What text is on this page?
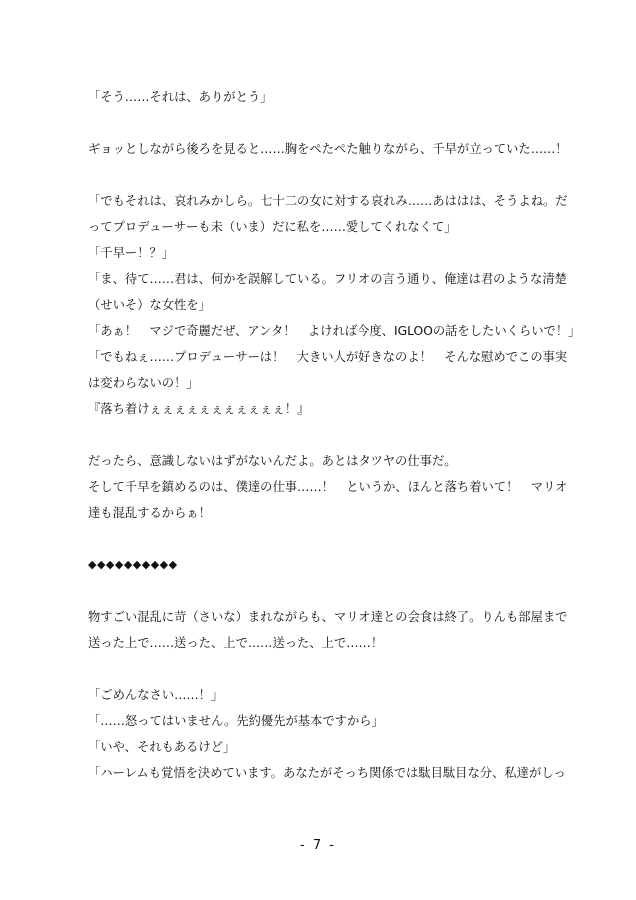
「そう……それは、ありがとう」
ギョッとしながら後ろを見ると……胸をぺたぺた触りながら、千早が立っていた……！
「でもそれは、哀れみかしら。七十二の女に対する哀れみ……あははは、そうよね。だ
ってプロデューサーも未（いま）だに私を……愛してくれなくて」
「千早ー！？」
「ま、待て……君は、何かを誤解している。フリオの言う通り、俺達は君のような清楚
（せいそ）な女性を」
「あぁ！　マジで奇麗だぜ、アンタ！　よければ今度、IGLOOの話をしたいくらいで！」
「でもねぇ……プロデューサーは！　大きい人が好きなのよ！　そんな慰めでこの事実
は変わらないの！」
『落ち着けぇぇぇぇぇぇぇぇぇぇぇ！』
だったら、意識しないはずがないんだよ。あとはタツヤの仕事だ。
そして千早を鎮めるのは、僕達の仕事……！　というか、ほんと落ち着いて！　マリオ
達も混乱するからぁ！
◆◆◆◆◆◆◆◆◆◆
物すごい混乱に苛（さいな）まれながらも、マリオ達との会食は終了。りんも部屋まで
送った上で……送った、上で……送った、上で……！
「ごめんなさい……！」
「……怒ってはいません。先約優先が基本ですから」
「いや、それもあるけど」
「ハーレムも覚悟を決めています。あなたがそっち関係では駄目駄目な分、私達がしっ
- 7 -
